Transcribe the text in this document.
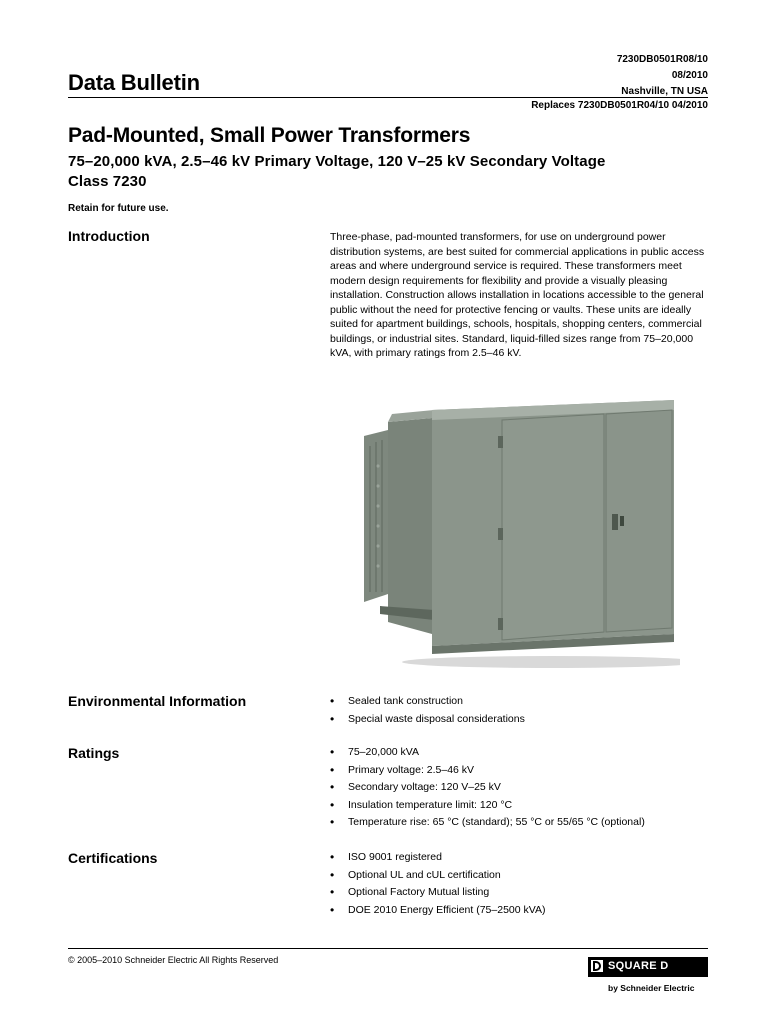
7230DB0501R08/10
08/2010
Nashville, TN USA
Data Bulletin
Replaces 7230DB0501R04/10 04/2010
Pad-Mounted, Small Power Transformers
75–20,000 kVA, 2.5–46 kV Primary Voltage, 120 V–25 kV Secondary Voltage
Class 7230
Retain for future use.
Introduction	Three-phase, pad-mounted transformers, for use on underground power distribution systems, are best suited for commercial applications in public access areas and where underground service is required. These transformers meet modern design requirements for flexibility and provide a visually pleasing installation. Construction allows installation in locations accessible to the general public without the need for protective fencing or vaults. These units are ideally suited for apartment buildings, schools, hospitals, shopping centers, commercial buildings, or industrial sites. Standard, liquid-filled sizes range from 75–20,000 kVA, with primary ratings from 2.5–46 kV.
Environmental Information	• Sealed tank construction
• Special waste disposal considerations
Ratings	• 75–20,000 kVA
• Primary voltage: 2.5–46 kV
• Secondary voltage: 120 V–25 kV
• Insulation temperature limit: 120 °C
• Temperature rise: 65 °C (standard); 55 °C or 55/65 °C (optional)
Certifications	• ISO 9001 registered
• Optional UL and cUL certification
• Optional Factory Mutual listing
• DOE 2010 Energy Efficient (75–2500 kVA)
© 2005–2010 Schneider Electric All Rights Reserved	SQUARE D
by Schneider Electric
